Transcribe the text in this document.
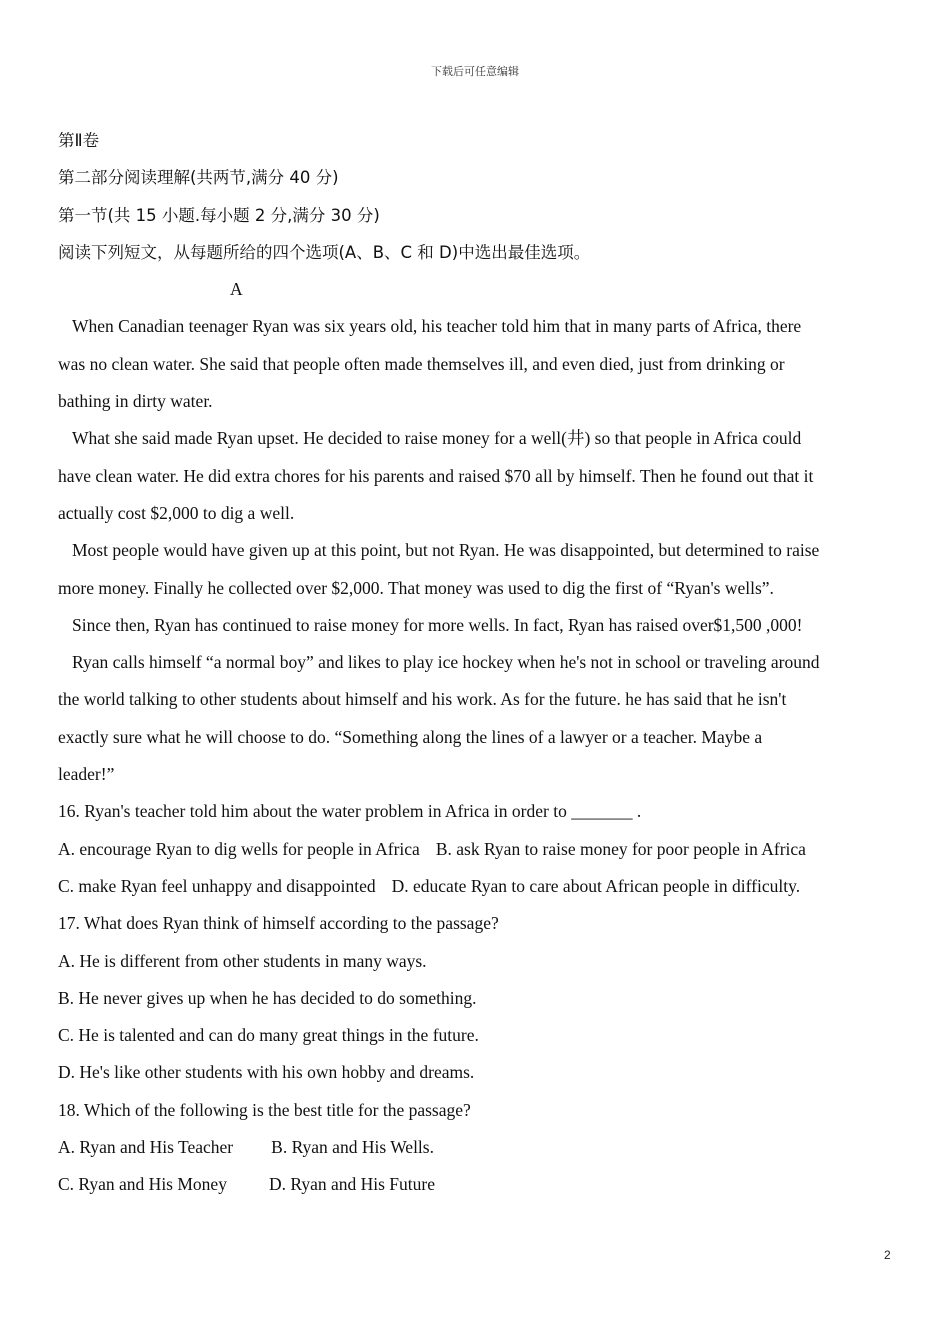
下载后可任意编辑
第Ⅱ卷
第二部分阅读理解(共两节,满分 40 分)
第一节(共 15 小题.每小题 2 分,满分 30 分)
阅读下列短文，从每题所给的四个选项(A、B、C 和 D)中选出最佳选项。
A
When Canadian teenager Ryan was six years old, his teacher told him that in many parts of Africa, there
was no clean water. She said that people often made themselves ill, and even died, just from drinking or
bathing in dirty water.
What she said made Ryan upset. He decided to raise money for a well(井) so that people in Africa could
have clean water. He did extra chores for his parents and raised $70 all by himself. Then he found out that it
actually cost $2,000 to dig a well.
Most people would have given up at this point, but not Ryan. He was disappointed, but determined to raise
more money. Finally he collected over $2,000. That money was used to dig the first of “Ryan's wells”.
Since then, Ryan has continued to raise money for more wells. In fact, Ryan has raised over$1,500 ,000!
Ryan calls himself “a normal boy” and likes to play ice hockey when he's not in school or traveling around
the world talking to other students about himself and his work. As for the future. he has said that he isn't
exactly sure what he will choose to do. “Something along the lines of a lawyer or a teacher. Maybe a
leader!”
16. Ryan's teacher told him about the water problem in Africa in order to _______ .
A. encourage Ryan to dig wells for people in Africa B. ask Ryan to raise money for poor people in Africa
C. make Ryan feel unhappy and disappointed D. educate Ryan to care about African people in difficulty.
17. What does Ryan think of himself according to the passage?
A. He is different from other students in many ways.
B. He never gives up when he has decided to do something.
C. He is talented and can do many great things in the future.
D. He's like other students with his own hobby and dreams.
18. Which of the following is the best title for the passage?
A. Ryan and His Teacher B. Ryan and His Wells.
C. Ryan and His Money D. Ryan and His Future
2
